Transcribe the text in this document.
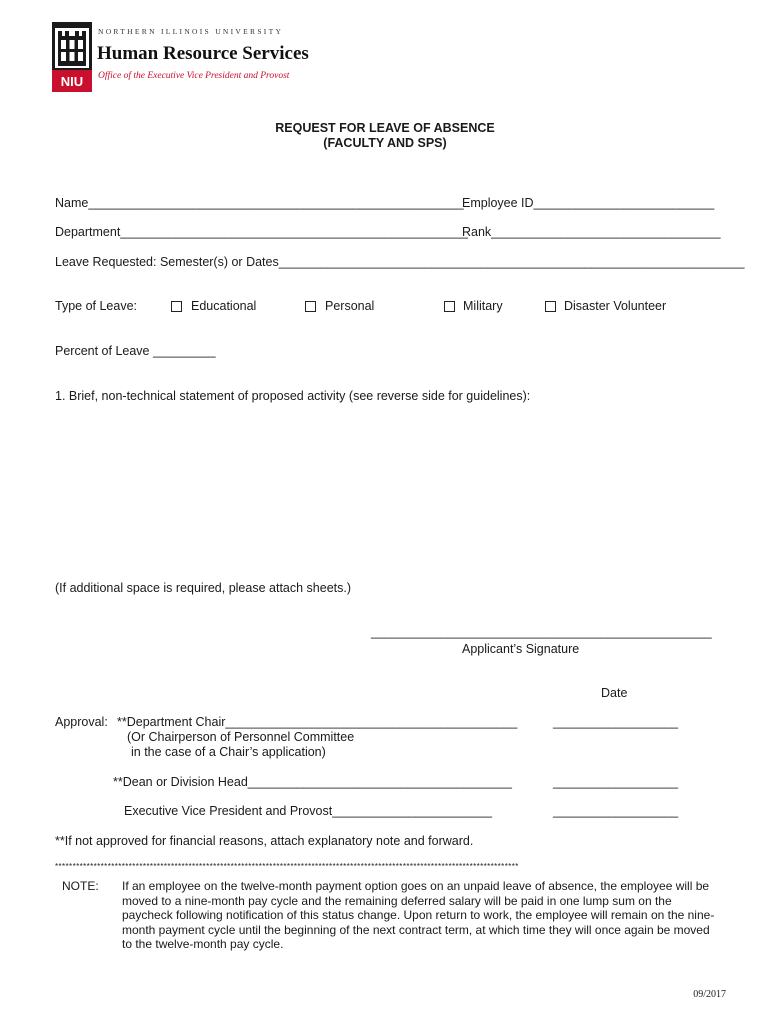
NIU
NORTHERN ILLINOIS UNIVERSITY
Human Resource Services
Office of the Executive Vice President and Provost
REQUEST FOR LEAVE OF ABSENCE
(FACULTY AND SPS)
Name______________________________________________________
Employee ID__________________________
Department__________________________________________________
Rank_________________________________
Leave Requested: Semester(s) or Dates___________________________________________________________________
Type of Leave:	Educational	Personal	Military	Disaster Volunteer
Percent of Leave _________
1. Brief, non-technical statement of proposed activity (see reverse side for guidelines):
(If additional space is required, please attach sheets.)
_________________________________________________
Applicant’s Signature
Date
Approval: **Department Chair__________________________________________	__________________
(Or Chairperson of Personnel Committee
in the case of a Chair’s application)
**Dean or Division Head______________________________________	__________________
Executive Vice President and Provost_______________________	__________________
**If not approved for financial reasons, attach explanatory note and forward.
************************************************************************************************************************************
NOTE: If an employee on the twelve-month payment option goes on an unpaid leave of absence, the employee will be moved to a nine-month pay cycle and the remaining deferred salary will be paid in one lump sum on the paycheck following notification of this status change. Upon return to work, the employee will remain on the nine-month payment cycle until the beginning of the next contract term, at which time they will once again be moved to the twelve-month pay cycle.
09/2017
